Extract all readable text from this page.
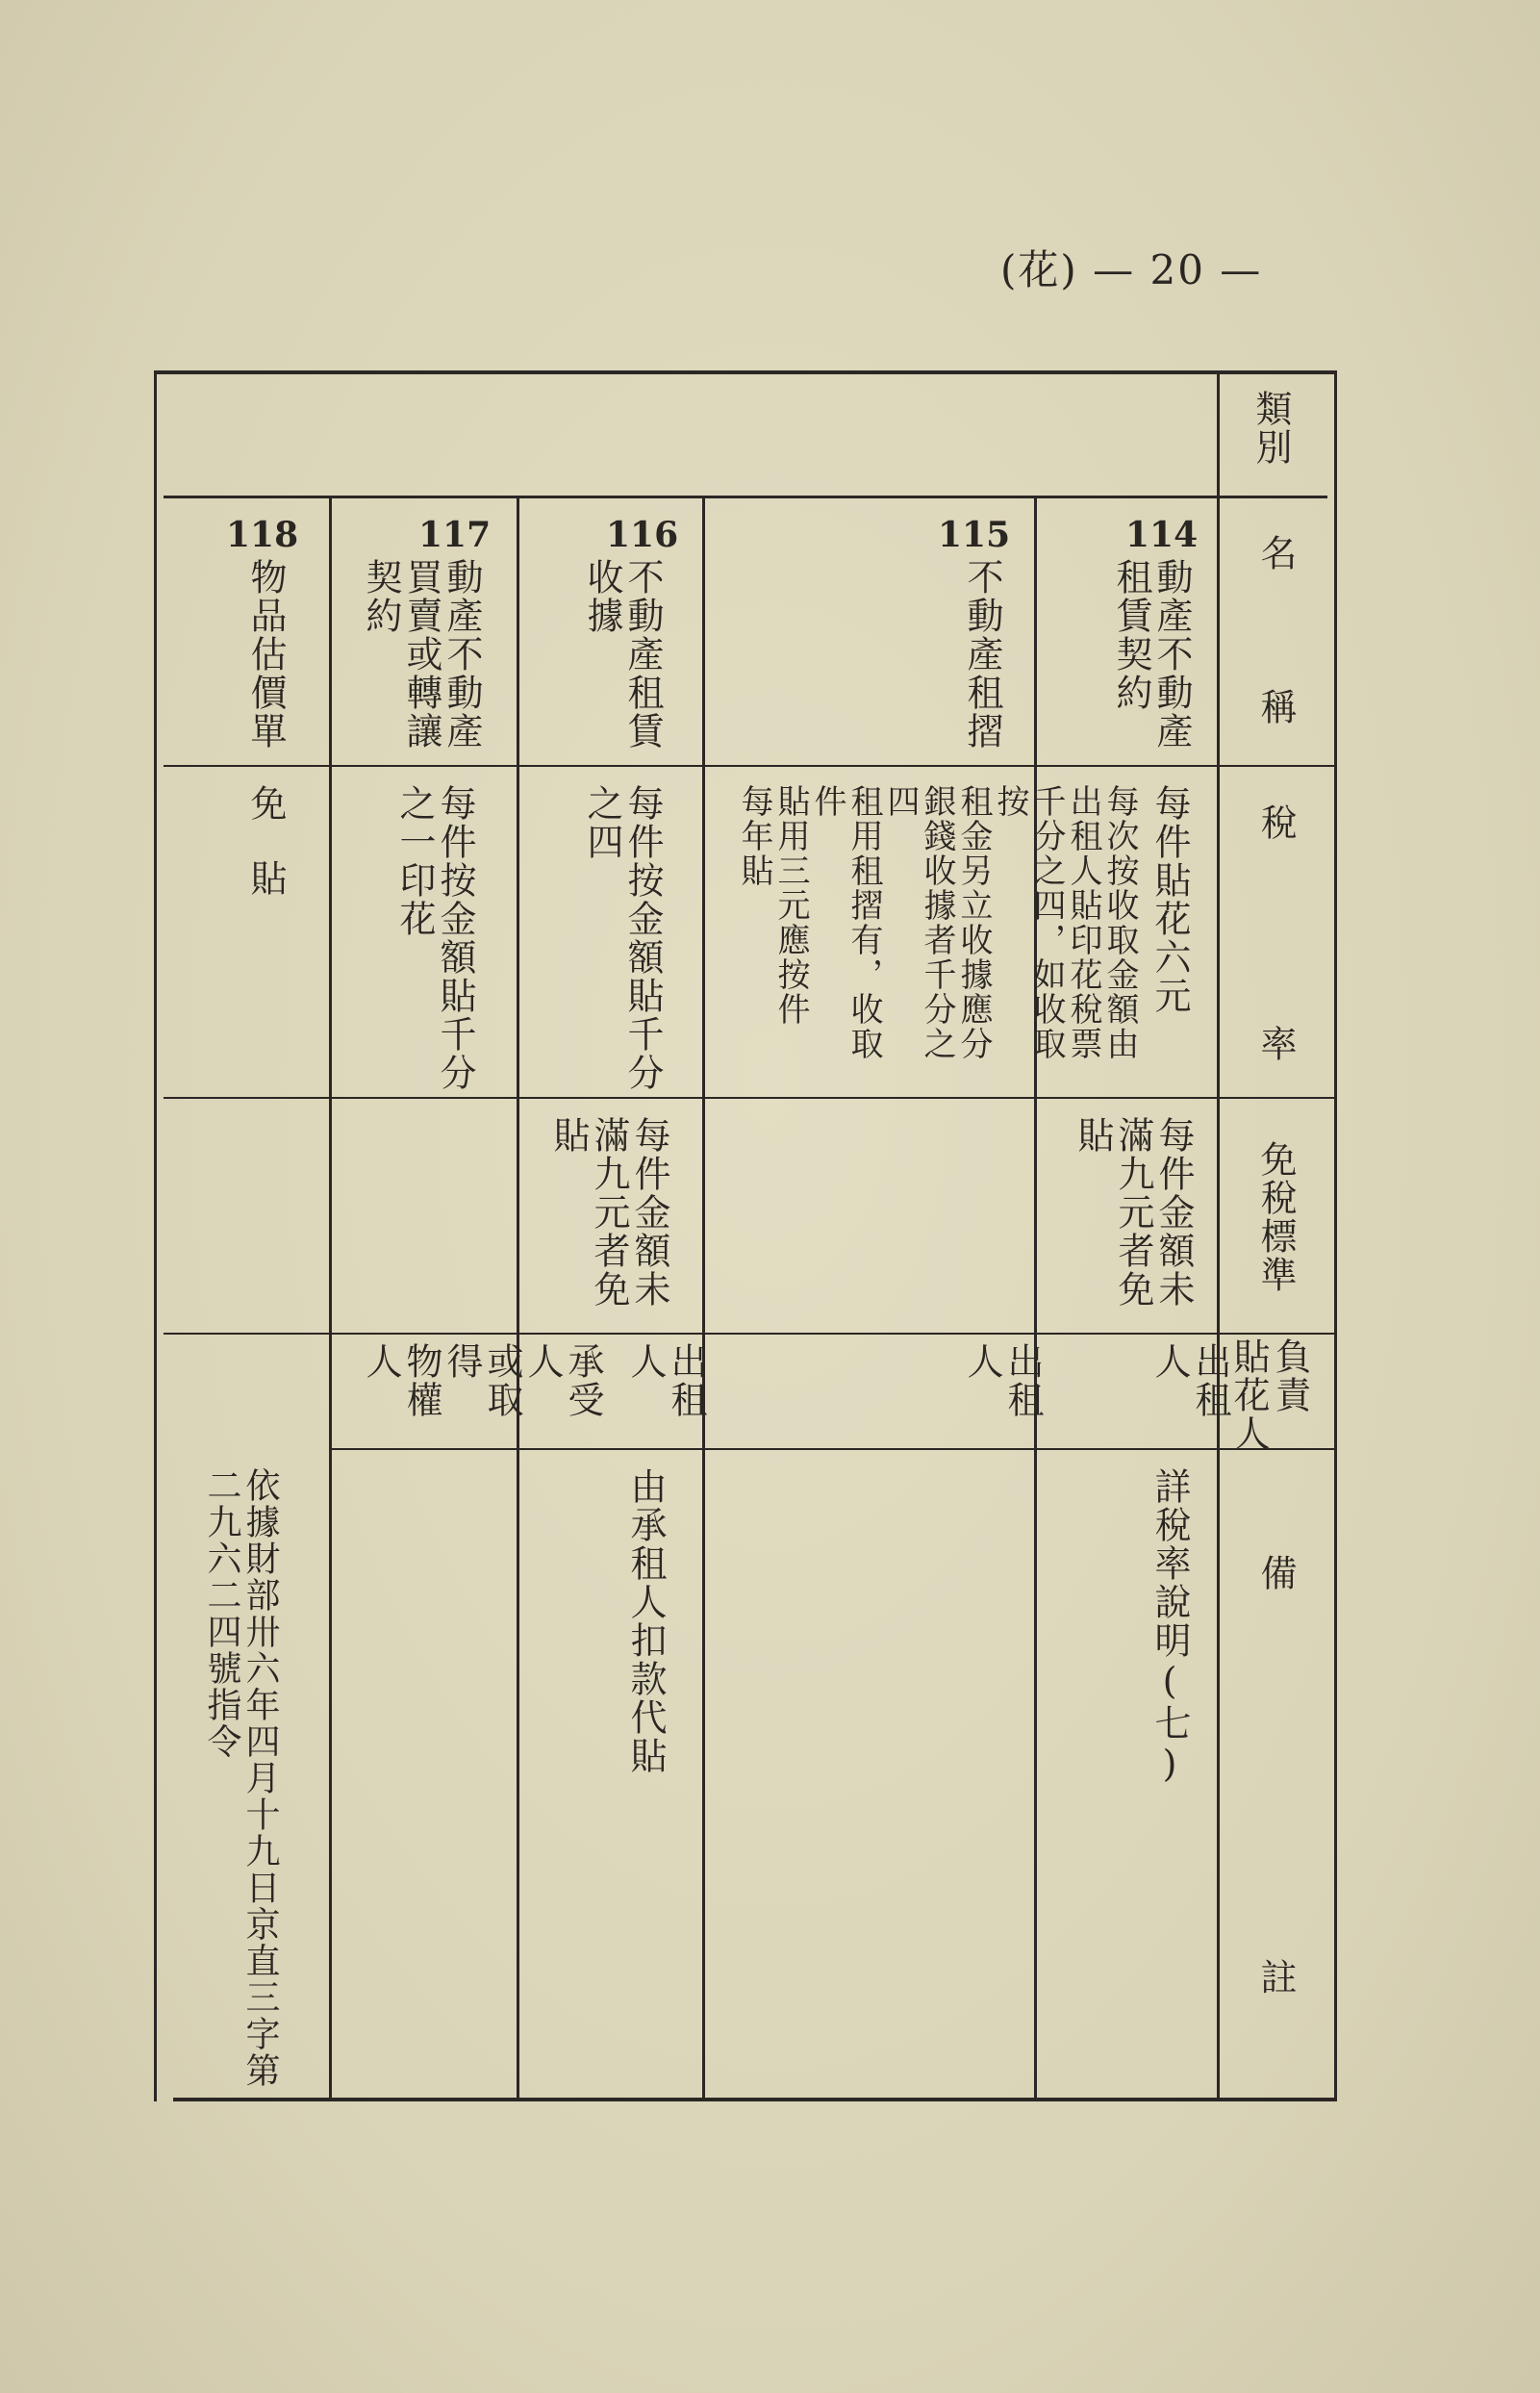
(花) — 20 —
類別
名
稱
稅
率
免稅標準
負責
貼花人
備
註
114
動產不動產
租賃契約
每件貼花六元
每件金額未
滿九元者免
貼
出租人
詳稅率說明(七)
115
不動產租摺
每次按收取金額由
出租人貼印花稅票
千分之四，如收取按
租金另立收據應分
銀錢收據者千分之四
租用租摺有，收取件
貼用三元應按件
每年貼
出租人
116
不動產租賃
收據
每件按金額貼千分
之四
每件金額未
滿九元者免
貼
出租人
由承租人扣款代貼
117
動產不動產
買賣或轉讓
契約
每件按金額貼千分
之一印花
承受人
或取得
物權人
118
物品估價單
免貼
依據財部卅六年四月十九日京直三字第
二九六二四號指令
